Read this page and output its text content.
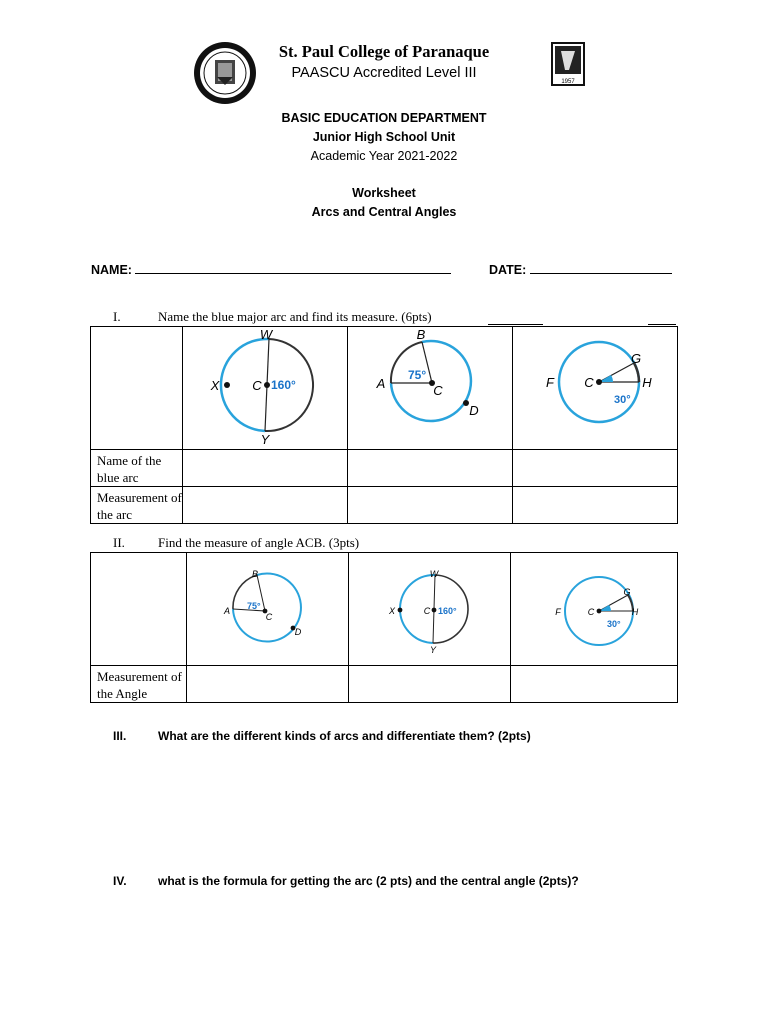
1957
St. Paul College of Paranaque
PAASCU Accredited Level III
BASIC EDUCATION DEPARTMENT
Junior High School Unit
Academic Year 2021-2022
Worksheet
Arcs and Central Angles
NAME:	DATE:
I.	Name the blue major arc and find its measure. (6pts)

W
X C
Y
160°	B
A C
D
75°	F C
G
H
30°

Name of the blue arc			
Measurement of the arc			
II.	Find the measure of angle ACB. (3pts)

B
A
C
D
75°	W
X C
Y
160°	F C
G
H
30°

Measurement of the Angle			
III.	What are the different kinds of arcs and differentiate them? (2pts)
IV.	what is the formula for getting the arc (2 pts) and the central angle (2pts)?
